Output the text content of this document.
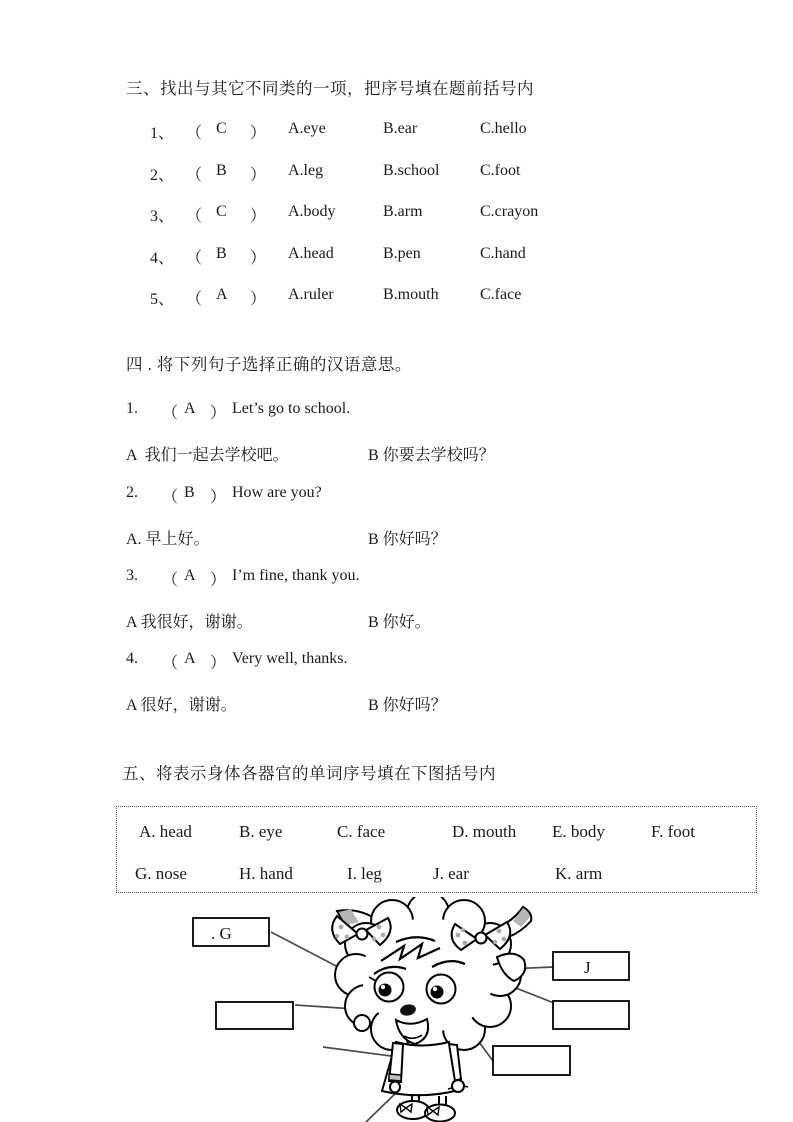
三、找出与其它不同类的一项，把序号填在题前括号内
1、 （ C ） A.eye	B.ear	C.hello
2、 （ B ） A.leg	B.school	C.foot
3、 （ C ） A.body	B.arm	C.crayon
4、 （ B ） A.head	B.pen	C.hand
5、 （ A ） A.ruler	B.mouth	C.face
四 . 将下列句子选择正确的汉语意思。
1. （ A ） Let’s go to school.
A  我们一起去学校吧。	B 你要去学校吗？
2. （ B ） How are you?
A. 早上好。	B 你好吗？
3. （ A ） I’m fine, thank you.
A 我很好，谢谢。	B 你好。
4. （ A ） Very well, thanks.
A 很好，谢谢。	B 你好吗？
五、将表示身体各器官的单词序号填在下图括号内
A. head	B. eye	C. face	D. mouth E. body	F. foot
G. nose	H. hand	I. leg	J. ear	K. arm
. G
J
